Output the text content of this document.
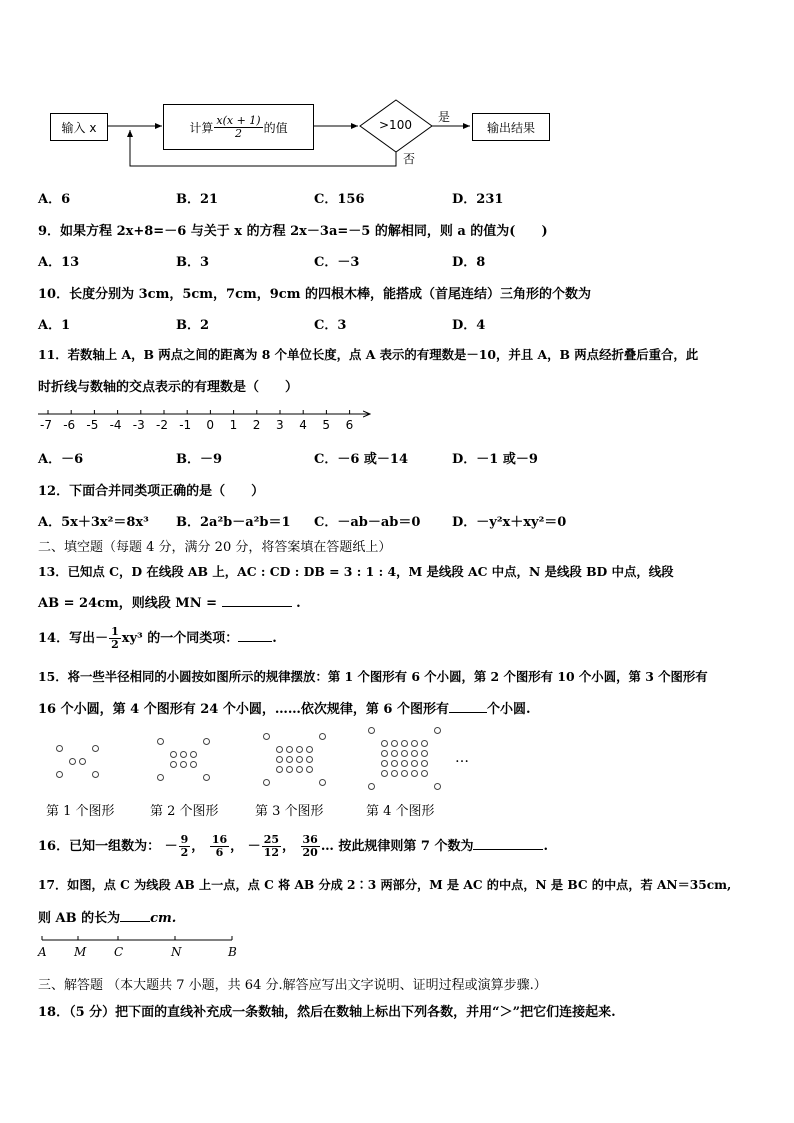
输入 x	计算 $\frac{x(x + 1)}{2}$ 的值	>100
是
否
输出结果
A．6	B．21	C．156	D．231
9．如果方程 2x+8=－6 与关于 x 的方程 2x－3a=－5 的解相同，则 a 的值为(　　)
A．13	B．3	C．－3	D．8
10．长度分别为 3cm，5cm，7cm，9cm 的四根木棒，能搭成（首尾连结）三角形的个数为
A．1	B．2	C．3	D．4
11．若数轴上 A，B 两点之间的距离为 8 个单位长度，点 A 表示的有理数是－10，并且 A，B 两点经折叠后重合，此
时折线与数轴的交点表示的有理数是（　　）
-7 -6 -5 -4 -3 -2 -1 0 1 2 3 4 5 6
A．－6	B．－9	C．－6 或－14	D．－1 或－9
12．下面合并同类项正确的是（　　）
A．5x＋3x²＝8x³ B．2a²b－a²b＝1 C．－ab－ab＝0 D．－y²x＋xy²＝0
二、填空题（每题 4 分，满分 20 分，将答案填在答题纸上）
13．已知点 C，D 在线段 AB 上，AC : CD : DB = 3 : 1 : 4，M 是线段 AC 中点，N 是线段 BD 中点，线段
AB = 24cm，则线段 MN =	.
14．写出－ $\frac{1}{2} xy^3$ 的一个同类项：	.
15．将一些半径相同的小圆按如图所示的规律摆放：第 1 个图形有 6 个小圆，第 2 个图形有 10 个小圆，第 3 个图形有
16 个小圆，第 4 个图形有 24 个小圆，……依次规律，第 6 个图形有	个小圆.
…
第 1 个图形	第 2 个图形	第 3 个图形	第 4 个图形
16．已知一组数为： － $\frac{9}{2}$ ， $\frac{16}{6}$ ， － $\frac{25}{12}$ ， $\frac{36}{20}$ … 按此规律则第 7 个数为	.
17．如图，点 C 为线段 AB 上一点，点 C 将 AB 分成 2∶3 两部分，M 是 AC 的中点，N 是 BC 的中点，若 AN＝35cm,
则 AB 的长为 cm.
A M C	N	B
三、解答题 （本大题共 7 小题，共 64 分.解答应写出文字说明、证明过程或演算步骤.）
18．（5 分）把下面的直线补充成一条数轴，然后在数轴上标出下列各数，并用“＞”把它们连接起来.
